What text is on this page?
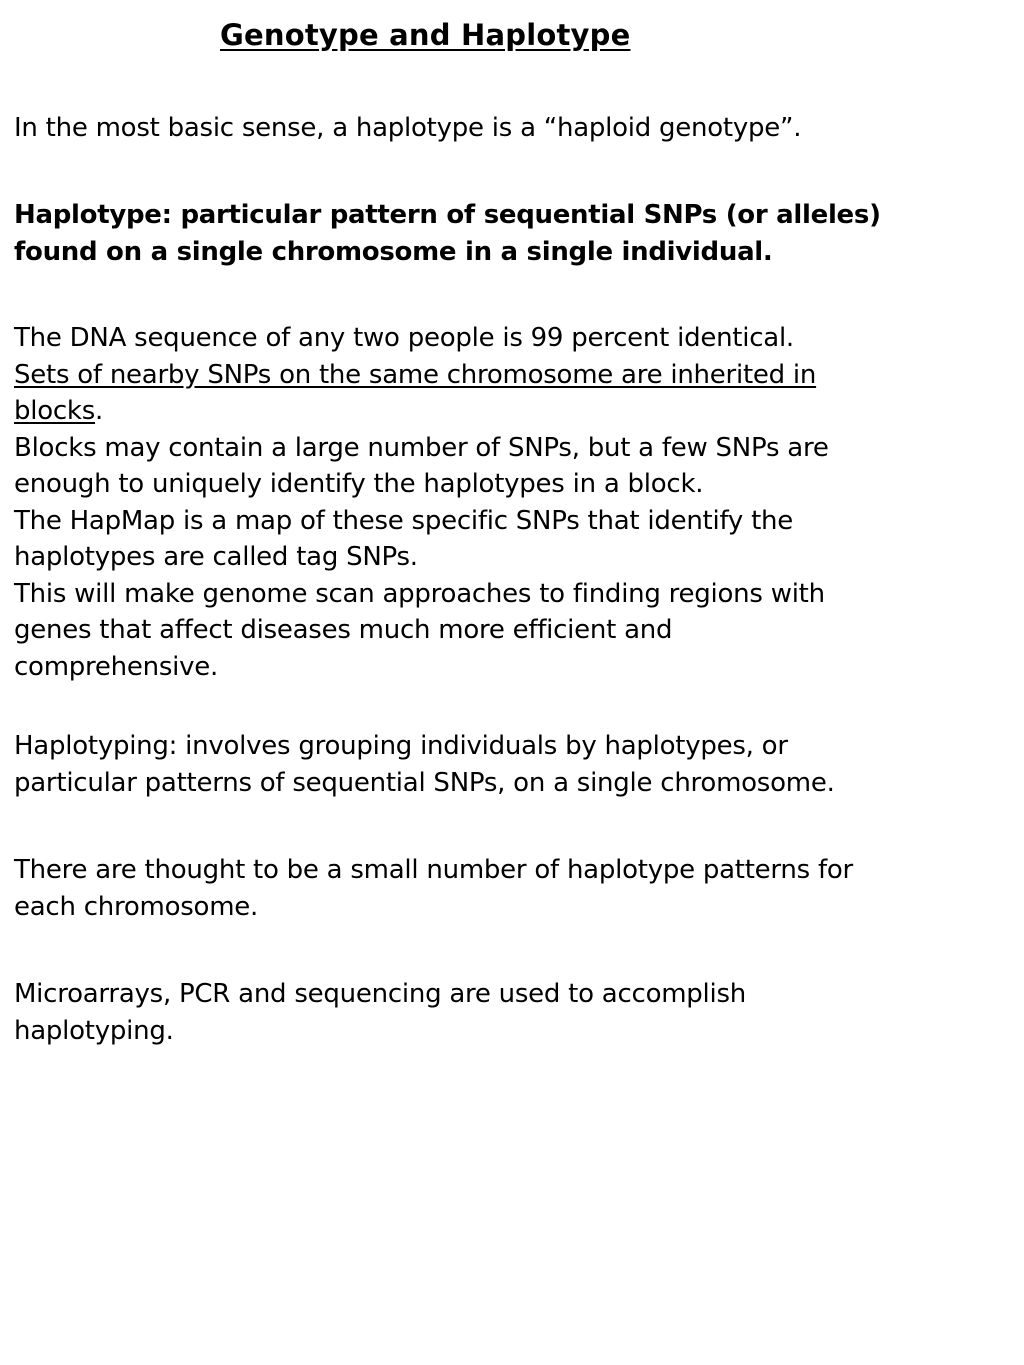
Genotype and Haplotype
In the most basic sense, a haplotype is a “haploid genotype”.
Haplotype: particular pattern of sequential SNPs (or alleles)
found on a single chromosome in a single individual.
The DNA sequence of any two people is 99 percent identical.
Sets of nearby SNPs on the same chromosome are inherited in
blocks.
Blocks may contain a large number of SNPs, but a few SNPs are
enough to uniquely identify the haplotypes in a block.
The HapMap is a map of these specific SNPs that identify the
haplotypes are called tag SNPs.
This will make genome scan approaches to finding regions with
genes that affect diseases much more efficient and
comprehensive.
Haplotyping: involves grouping individuals by haplotypes, or
particular patterns of sequential SNPs, on a single chromosome.
There are thought to be a small number of haplotype patterns for
each chromosome.
Microarrays, PCR and sequencing are used to accomplish
haplotyping.
